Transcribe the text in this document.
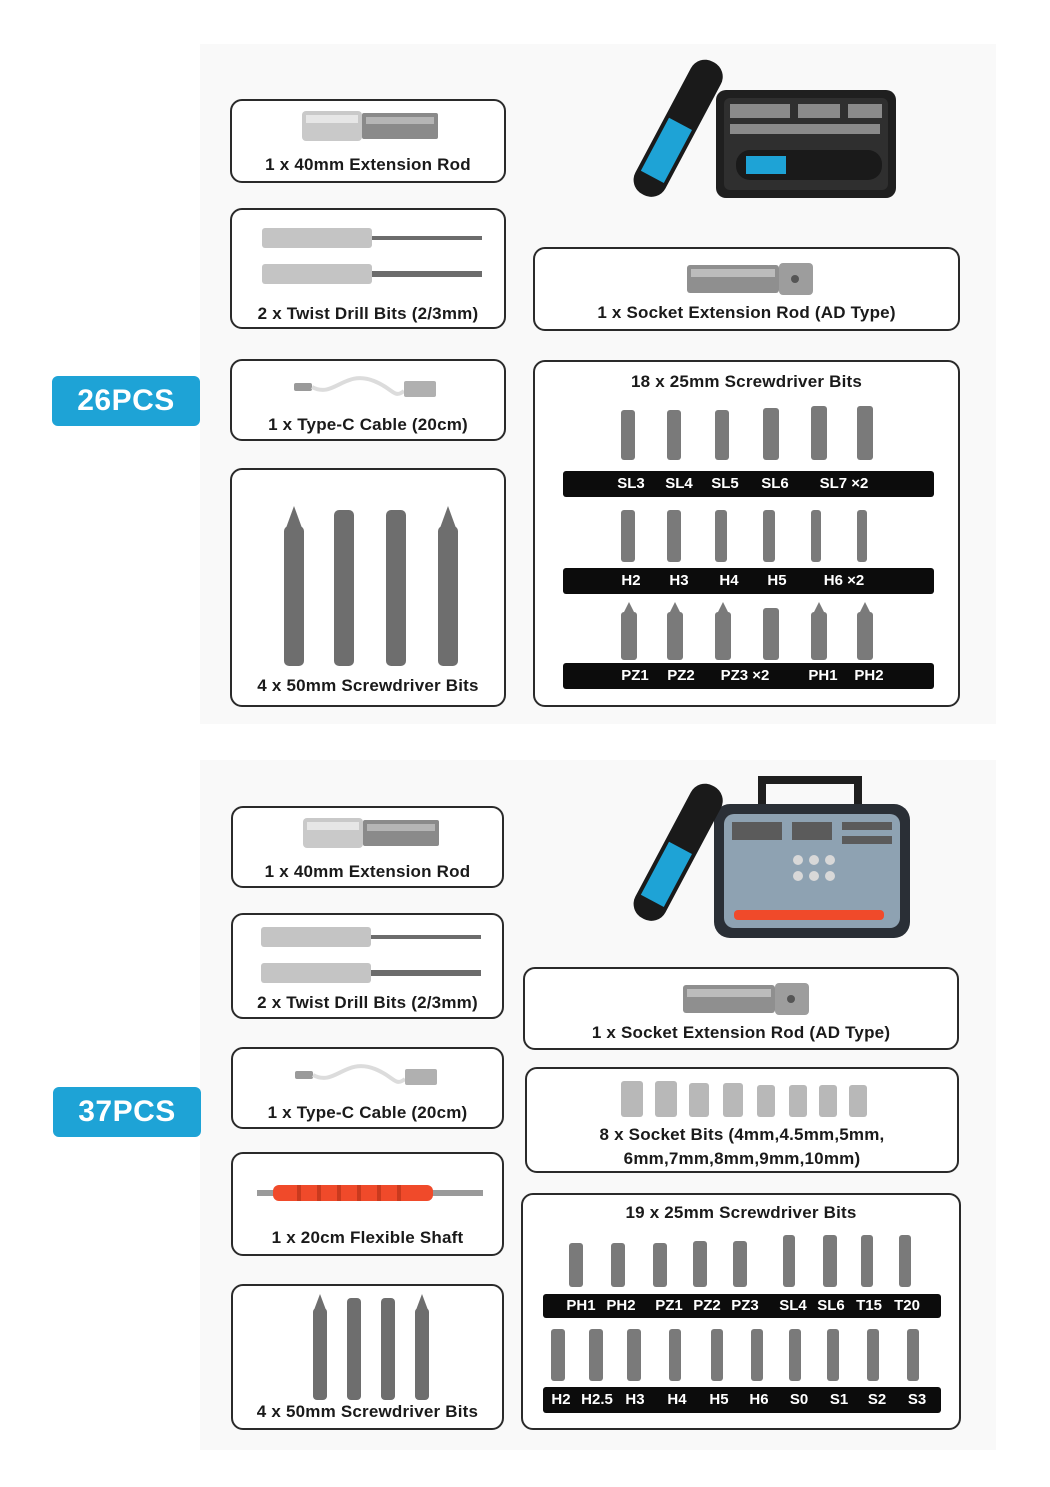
26PCS
1 x 40mm Extension Rod
2 x Twist Drill Bits (2/3mm)
1 x Type-C Cable (20cm)
4 x 50mm Screwdriver Bits
1 x Socket Extension Rod (AD Type)
18 x 25mm Screwdriver Bits
SL3	SL4	SL5	SL6	SL7 ×2
H2	H3	H4	H5	H6 ×2
PZ1	PZ2	PZ3 ×2	PH1	PH2
37PCS
1 x 40mm Extension Rod
2 x Twist Drill Bits (2/3mm)
1 x Type-C Cable (20cm)
1 x 20cm Flexible Shaft
4 x 50mm Screwdriver Bits
1 x Socket Extension Rod (AD Type)
8 x Socket Bits (4mm,4.5mm,5mm,
6mm,7mm,8mm,9mm,10mm)
19 x 25mm Screwdriver Bits
PH1 PH2	PZ1 PZ2 PZ3	SL4 SL6 T15 T20
H2 H2.5 H3	H4	H5	H6	S0	S1	S2	S3
